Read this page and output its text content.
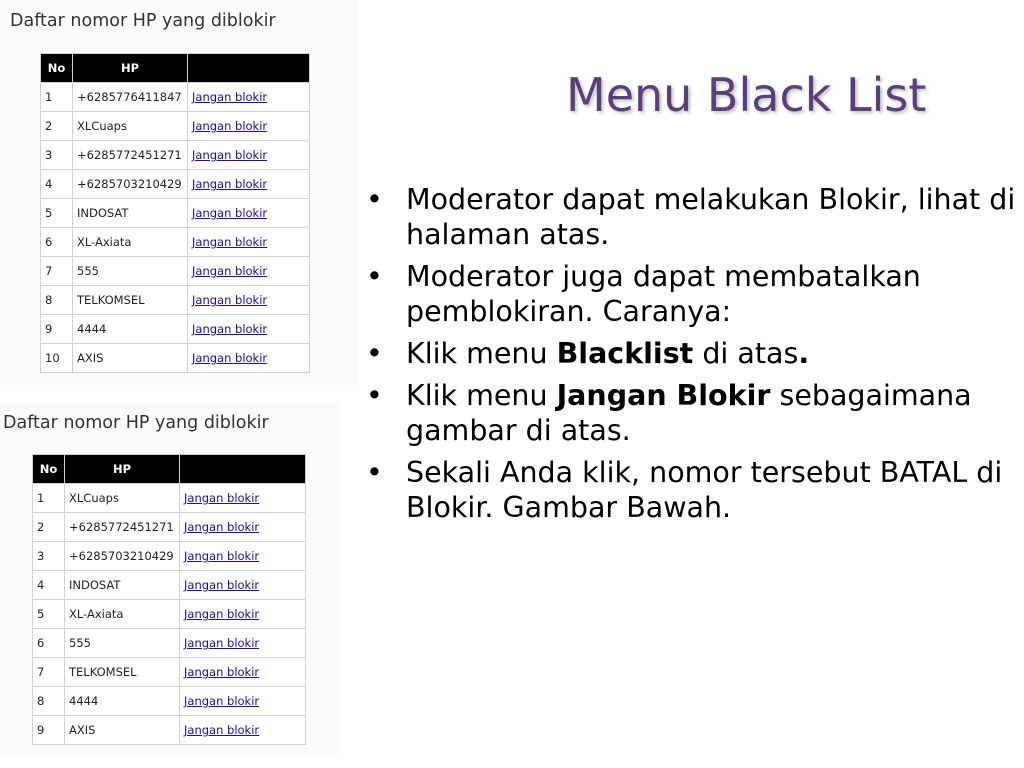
Daftar nomor HP yang diblokir
No	HP	
1	+6285776411847	Jangan blokir
2	XLCuaps	Jangan blokir
3	+6285772451271	Jangan blokir
4	+6285703210429	Jangan blokir
5	INDOSAT	Jangan blokir
6	XL-Axiata	Jangan blokir
7	555	Jangan blokir
8	TELKOMSEL	Jangan blokir
9	4444	Jangan blokir
10	AXIS	Jangan blokir
Daftar nomor HP yang diblokir
No	HP	
1	XLCuaps	Jangan blokir
2	+6285772451271	Jangan blokir
3	+6285703210429	Jangan blokir
4	INDOSAT	Jangan blokir
5	XL-Axiata	Jangan blokir
6	555	Jangan blokir
7	TELKOMSEL	Jangan blokir
8	4444	Jangan blokir
9	AXIS	Jangan blokir
Menu Black List
• Moderator dapat melakukan Blokir, lihat di halaman atas.
• Moderator juga dapat membatalkan pemblokiran. Caranya:
• Klik menu Blacklist di atas.
• Klik menu Jangan Blokir sebagaimana gambar di atas.
• Sekali Anda klik, nomor tersebut BATAL di Blokir. Gambar Bawah.
